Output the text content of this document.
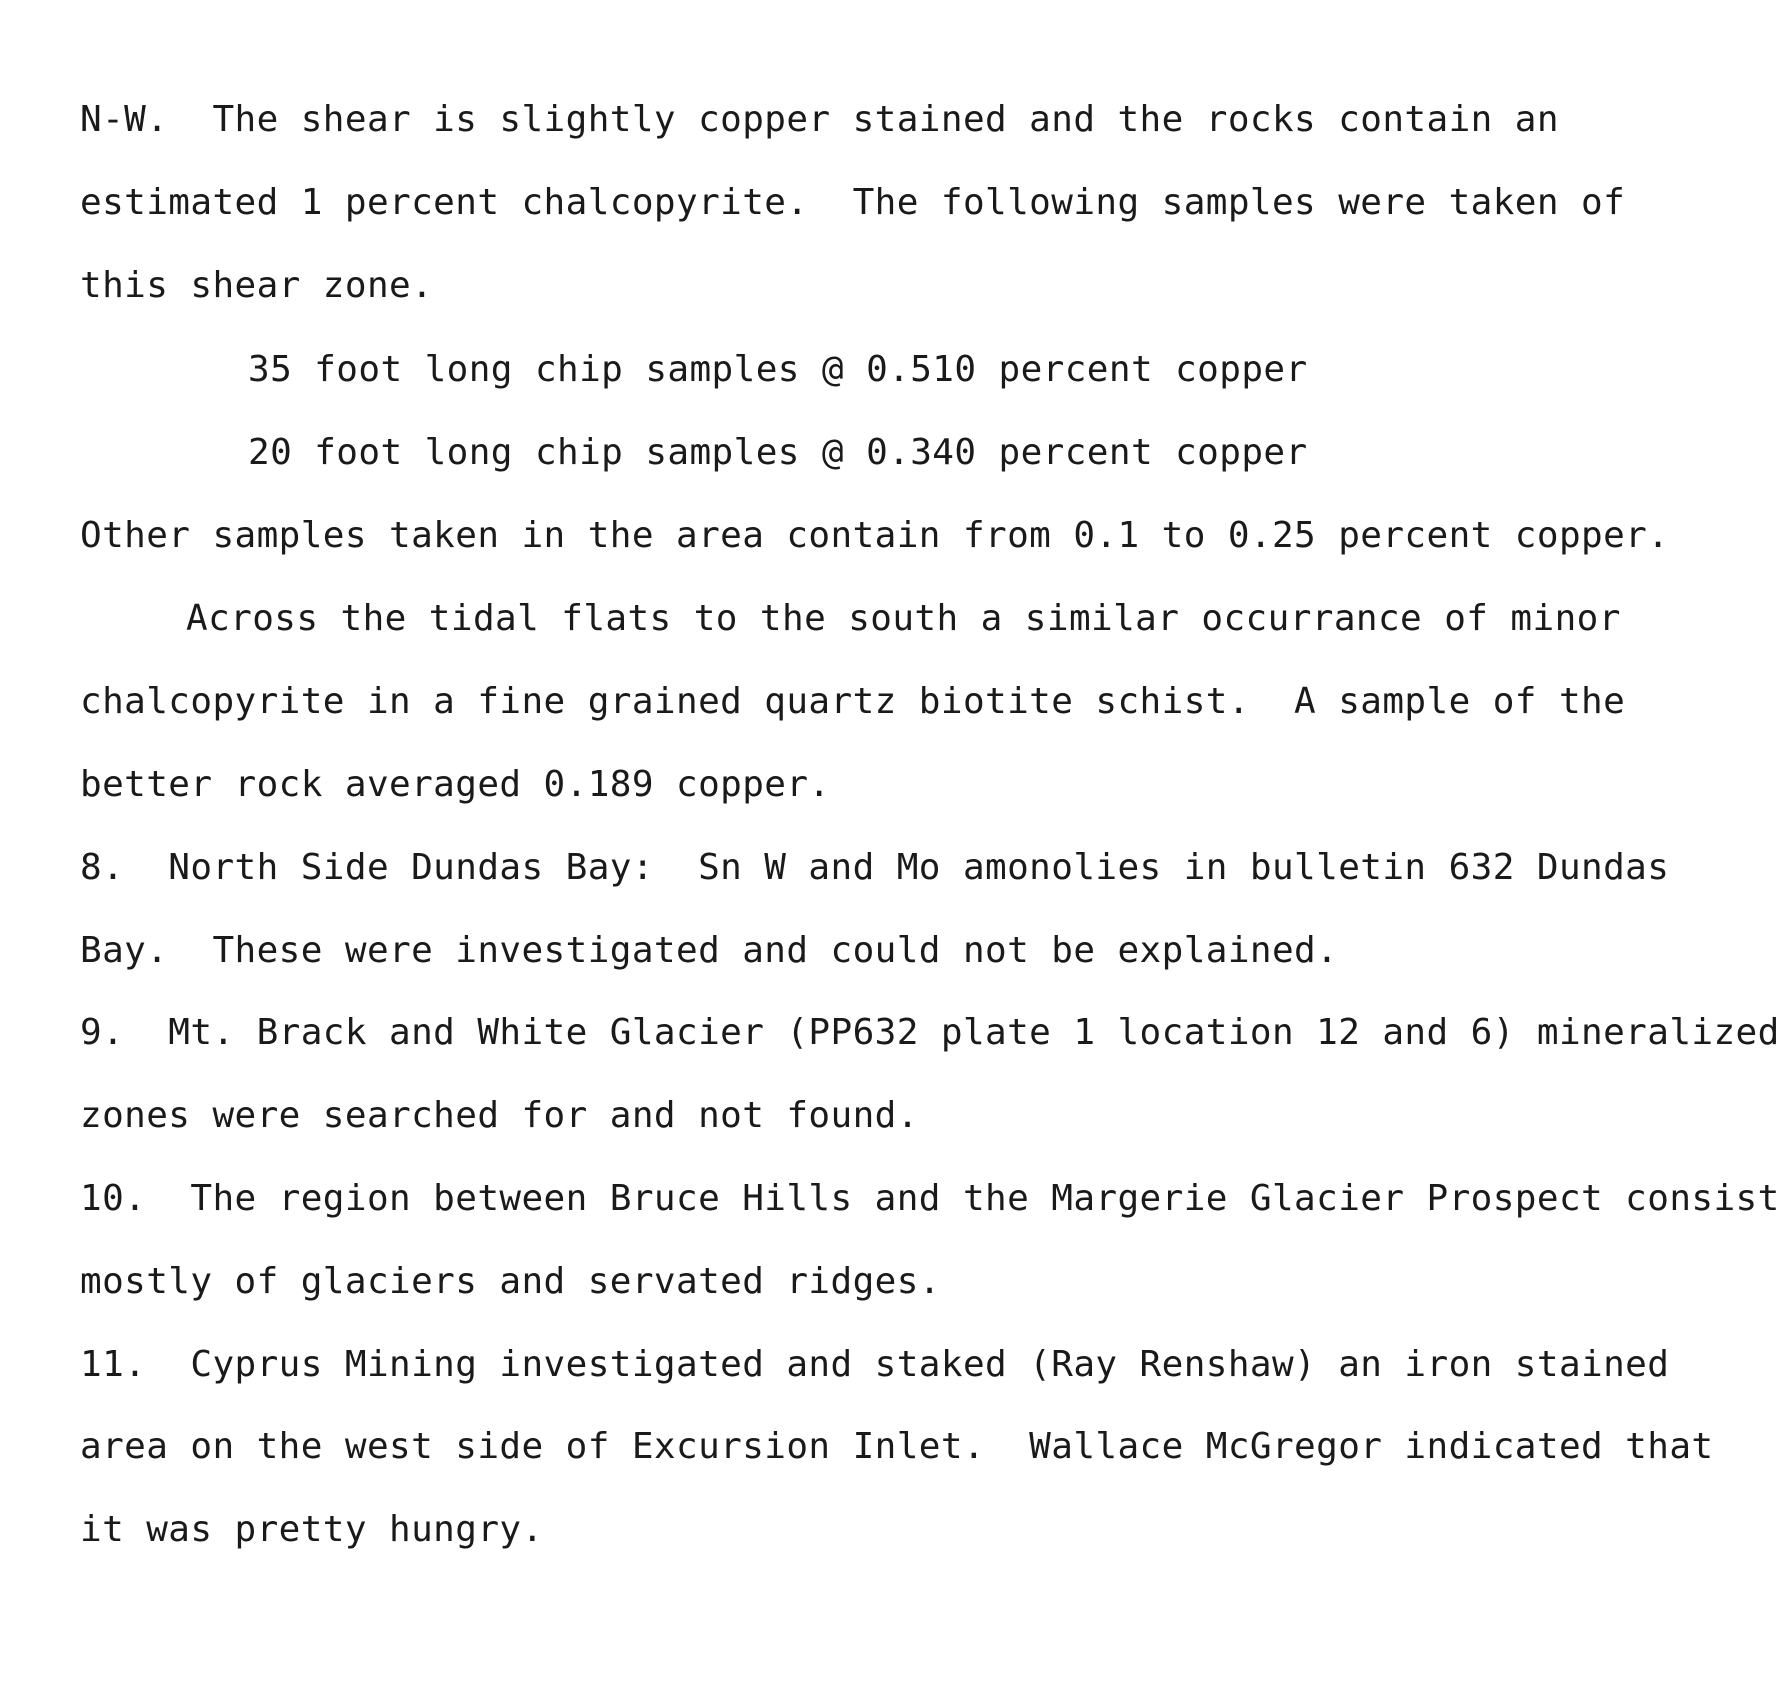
N-W.  The shear is slightly copper stained and the rocks contain an
estimated 1 percent chalcopyrite.  The following samples were taken of
this shear zone.
35 foot long chip samples @ 0.510 percent copper
20 foot long chip samples @ 0.340 percent copper
Other samples taken in the area contain from 0.1 to 0.25 percent copper.
Across the tidal flats to the south a similar occurrance of minor
chalcopyrite in a fine grained quartz biotite schist.  A sample of the
better rock averaged 0.189 copper.
8.  North Side Dundas Bay:  Sn W and Mo amonolies in bulletin 632 Dundas
Bay.  These were investigated and could not be explained.
9.  Mt. Brack and White Glacier (PP632 plate 1 location 12 and 6) mineralized
zones were searched for and not found.
10.  The region between Bruce Hills and the Margerie Glacier Prospect consist
mostly of glaciers and servated ridges.
11.  Cyprus Mining investigated and staked (Ray Renshaw) an iron stained
area on the west side of Excursion Inlet.  Wallace McGregor indicated that
it was pretty hungry.
